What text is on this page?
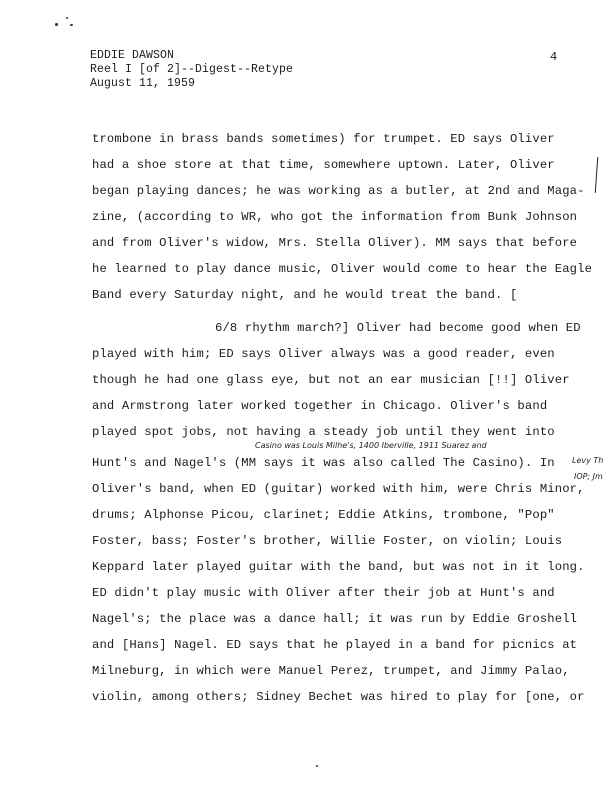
EDDIE DAWSON
Reel I [of 2]--Digest--Retype
August 11, 1959
4
trombone in brass bands sometimes) for trumpet. ED says Oliver
had a shoe store at that time, somewhere uptown. Later, Oliver
began playing dances; he was working as a butler, at 2nd and Maga-
zine, (according to WR, who got the information from Bunk Johnson
and from Oliver's widow, Mrs. Stella Oliver). MM says that before
he learned to play dance music, Oliver would come to hear the Eagle
Band every Saturday night, and he would treat the band. [
6/8 rhythm march?] Oliver had become good when ED
played with him; ED says Oliver always was a good reader, even
though he had one glass eye, but not an ear musician [!!] Oliver
and Armstrong later worked together in Chicago. Oliver's band
played spot jobs, not having a steady job until they went into
Hunt's and Nagel's (MM says it was also called The Casino). In
Oliver's band, when ED (guitar) worked with him, were Chris Minor,
drums; Alphonse Picou, clarinet; Eddie Atkins, trombone, "Pop"
Foster, bass; Foster's brother, Willie Foster, on violin; Louis
Keppard later played guitar with the band, but was not in it long.
ED didn't play music with Oliver after their job at Hunt's and
Nagel's; the place was a dance hall; it was run by Eddie Groshell
and [Hans] Nagel. ED says that he played in a band for picnics at
Milneburg, in which were Manuel Perez, trumpet, and Jimmy Palao,
violin, among others; Sidney Bechet was hired to play for [one, or
Casino was Louis Milhe's, 1400 Iberville, 1911 Suarez and
Levy Th
IOP; Jm
